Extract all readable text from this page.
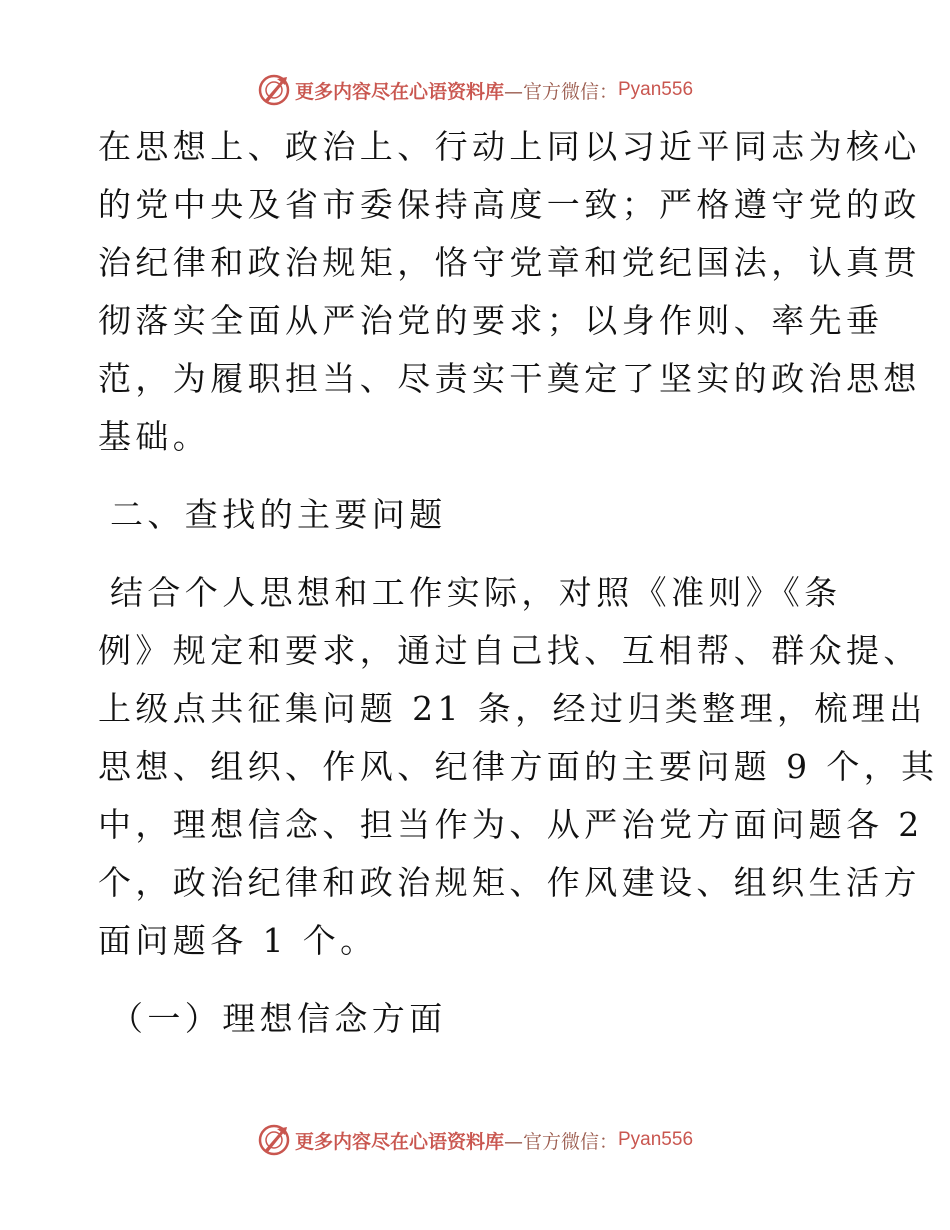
更多内容尽在心语资料库 —官方微信： Pyan556
在思想上、政治上、行动上同以习近平同志为核心
的党中央及省市委保持高度一致；严格遵守党的政
治纪律和政治规矩，恪守党章和党纪国法，认真贯
彻落实全面从严治党的要求；以身作则、率先垂
范，为履职担当、尽责实干奠定了坚实的政治思想
基础。
二、查找的主要问题
结合个人思想和工作实际，对照《准则》《条
例》规定和要求，通过自己找、互相帮、群众提、
上级点共征集问题 21 条，经过归类整理，梳理出
思想、组织、作风、纪律方面的主要问题 9 个，其
中，理想信念、担当作为、从严治党方面问题各 2
个，政治纪律和政治规矩、作风建设、组织生活方
面问题各 1 个。
（一）理想信念方面
更多内容尽在心语资料库 —官方微信： Pyan556
